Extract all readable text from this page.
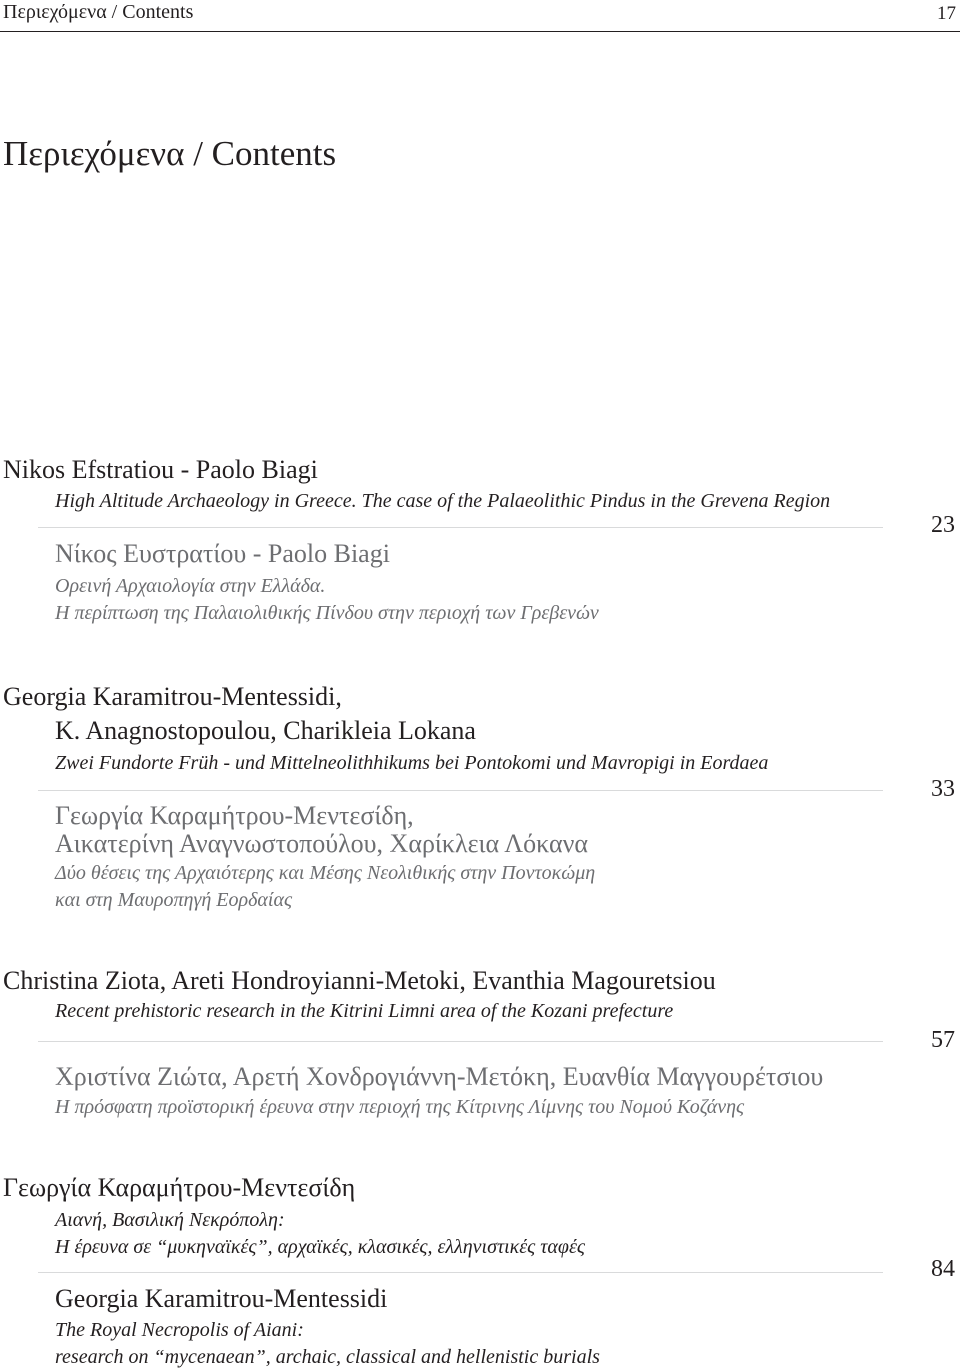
Περιεχόμενα / Contents	17
Περιεχόμενα / Contents
Nikos Efstratiou - Paolo Biagi
High Altitude Archaeology in Greece. The case of the Palaeolithic Pindus in the Grevena Region
Νίκος Ευστρατίου - Paolo Biagi
Ορεινή Αρχαιολογία στην Ελλάδα.
Η περίπτωση της Παλαιολιθικής Πίνδου στην περιοχή των Γρεβενών
23
Georgia Karamitrou-Mentessidi,
K. Anagnostopoulou, Charikleia Lokana
Zwei Fundorte Früh - und Mittelneolithhikums bei Pontokomi und Mavropigi in Eordaea
Γεωργία Καραμήτρου-Μεντεσίδη,
Αικατερίνη Αναγνωστοπούλου, Χαρίκλεια Λόκανα
Δύο θέσεις της Αρχαιότερης και Μέσης Νεολιθικής στην Ποντοκώμη
και στη Μαυροπηγή Εορδαίας
33
Christina Ziota, Areti Hondroyianni-Metoki, Evanthia Magouretsiou
Recent prehistoric research in the Kitrini Limni area of the Kozani prefecture
Χριστίνα Ζιώτα, Αρετή Χονδρογιάννη-Μετόκη, Ευανθία Μαγγουρέτσιου
Η πρόσφατη προϊστορική έρευνα στην περιοχή της Κίτρινης Λίμνης του Νομού Κοζάνης
57
Γεωργία Καραμήτρου-Μεντεσίδη
Αιανή, Βασιλική Νεκρόπολη:
Η έρευνα σε “μυκηναϊκές”, αρχαϊκές, κλασικές, ελληνιστικές ταφές
Georgia Karamitrou-Mentessidi
The Royal Necropolis of Aiani:
research on “mycenaean”, archaic, classical and hellenistic burials
84
